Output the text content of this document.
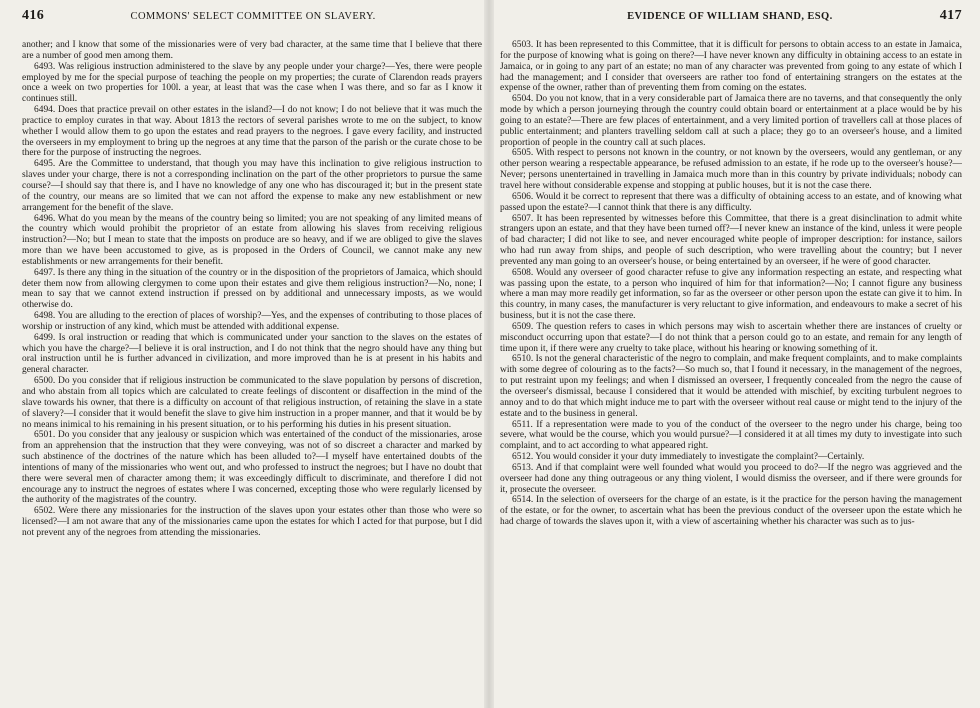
416	COMMONS' SELECT COMMITTEE ON SLAVERY.

another; and I know that some of the missionaries were of very bad character, at the same time that I believe that there are a number of good men among them.

6493. Was religious instruction administered to the slave by any people under your charge?—Yes, there were people employed by me for the special purpose of teaching the people on my properties; the curate of Clarendon reads prayers once a week on two properties for 100l. a year, at least that was the case when I was there, and so far as I know it continues still.

6494. Does that practice prevail on other estates in the island?—I do not know; I do not believe that it was much the practice to employ curates in that way. About 1813 the rectors of several parishes wrote to me on the subject, to know whether I would allow them to go upon the estates and read prayers to the negroes. I gave every facility, and instructed the overseers in my employment to bring up the negroes at any time that the parson of the parish or the curate chose to be there for the purpose of instructing the negroes.

6495. Are the Committee to understand, that though you may have this inclination to give religious instruction to slaves under your charge, there is not a corresponding inclination on the part of the other proprietors to pursue the same course?—I should say that there is, and I have no knowledge of any one who has discouraged it; but in the present state of the country, our means are so limited that we can not afford the expense to make any new establishment or new arrangement for the benefit of the slave.

6496. What do you mean by the means of the country being so limited; you are not speaking of any limited means of the country which would prohibit the proprietor of an estate from allowing his slaves from receiving religious instruction?—No; but I mean to state that the imposts on produce are so heavy, and if we are obliged to give the slaves more than we have been accustomed to give, as is proposed in the Orders of Council, we cannot make any new establishments or new arrangements for their benefit.

6497. Is there any thing in the situation of the country or in the disposition of the proprietors of Jamaica, which should deter them now from allowing clergymen to come upon their estates and give them religious instruction?—No, none; I mean to say that we cannot extend instruction if pressed on by additional and unnecessary imposts, as we would otherwise do.

6498. You are alluding to the erection of places of worship?—Yes, and the expenses of contributing to those places of worship or instruction of any kind, which must be attended with additional expense.

6499. Is oral instruction or reading that which is communicated under your sanction to the slaves on the estates of which you have the charge?—I believe it is oral instruction, and I do not think that the negro should have any thing but oral instruction until he is further advanced in civilization, and more improved than he is at present in his habits and general character.

6500. Do you consider that if religious instruction be communicated to the slave population by persons of discretion, and who abstain from all topics which are calculated to create feelings of discontent or disaffection in the mind of the slave towards his owner, that there is a difficulty on account of that religious instruction, of retaining the slave in a state of slavery?—I consider that it would benefit the slave to give him instruction in a proper manner, and that it would be by no means inimical to his remaining in his present situation, or to his performing his duties in his present situation.

6501. Do you consider that any jealousy or suspicion which was entertained of the conduct of the missionaries, arose from an apprehension that the instruction that they were conveying, was not of so discreet a character and marked by such abstinence of the doctrines of the nature which has been alluded to?—I myself have entertained doubts of the intentions of many of the missionaries who went out, and who professed to instruct the negroes; but I have no doubt that there were several men of character among them; it was exceedingly difficult to discriminate, and therefore I did not encourage any to instruct the negroes of estates where I was concerned, excepting those who were regularly licensed by the authority of the magistrates of the country.

6502. Were there any missionaries for the instruction of the slaves upon your estates other than those who were so licensed?—I am not aware that any of the missionaries came upon the estates for which I acted for that purpose, but I did not prevent any of the negroes from attending the missionaries.

EVIDENCE OF WILLIAM SHAND, ESQ.	417

6503. It has been represented to this Committee, that it is difficult for persons to obtain access to an estate in Jamaica, for the purpose of knowing what is going on there?—I have never known any difficulty in obtaining access to an estate in Jamaica, or in going to any part of an estate; no man of any character was prevented from going to any estate of which I had the management; and I consider that overseers are rather too fond of entertaining strangers on the estates at the expense of the owner, rather than of preventing them from coming on the estates.

6504. Do you not know, that in a very considerable part of Jamaica there are no taverns, and that consequently the only mode by which a person journeying through the country could obtain board or entertainment at a place would be by his going to an estate?—There are few places of entertainment, and a very limited portion of travellers call at those places of public entertainment; and planters travelling seldom call at such a place; they go to an overseer's house, and a limited proportion of people in the country call at such places.

6505. With respect to persons not known in the country, or not known by the overseers, would any gentleman, or any other person wearing a respectable appearance, be refused admission to an estate, if he rode up to the overseer's house?—Never; persons unentertained in travelling in Jamaica much more than in this country by private individuals; nobody can travel here without considerable expense and stopping at public houses, but it is not the case there.

6506. Would it be correct to represent that there was a difficulty of obtaining access to an estate, and of knowing what passed upon the estate?—I cannot think that there is any difficulty.

6507. It has been represented by witnesses before this Committee, that there is a great disinclination to admit white strangers upon an estate, and that they have been turned off?—I never knew an instance of the kind, unless it were people of bad character; I did not like to see, and never encouraged white people of improper description: for instance, sailors who had run away from ships, and people of such description, who were travelling about the country; but I never prevented any man going to an overseer's house, or being entertained by an overseer, if he were of good character.

6508. Would any overseer of good character refuse to give any information respecting an estate, and respecting what was passing upon the estate, to a person who inquired of him for that information?—No; I cannot figure any business where a man may more readily get information, so far as the overseer or other person upon the estate can give it to him. In this country, in many cases, the manufacturer is very reluctant to give information, and endeavours to make a secret of his business, but it is not the case there.

6509. The question refers to cases in which persons may wish to ascertain whether there are instances of cruelty or misconduct occurring upon that estate?—I do not think that a person could go to an estate, and remain for any length of time upon it, if there were any cruelty to take place, without his hearing or knowing something of it.

6510. Is not the general characteristic of the negro to complain, and make frequent complaints, and to make complaints with some degree of colouring as to the facts?—So much so, that I found it necessary, in the management of the negroes, to put restraint upon my feelings; and when I dismissed an overseer, I frequently concealed from the negro the cause of the overseer's dismissal, because I considered that it would be attended with mischief, by exciting turbulent negroes to annoy and to do that which might induce me to part with the overseer without real cause or might tend to the injury of the estate and to the business in general.

6511. If a representation were made to you of the conduct of the overseer to the negro under his charge, being too severe, what would be the course, which you would pursue?—I considered it at all times my duty to investigate into such complaint, and to act according to what appeared right.

6512. You would consider it your duty immediately to investigate the complaint?—Certainly.

6513. And if that complaint were well founded what would you proceed to do?—If the negro was aggrieved and the overseer had done any thing outrageous or any thing violent, I would dismiss the overseer, and if there were grounds for it, prosecute the overseer.

6514. In the selection of overseers for the charge of an estate, is it the practice for the person having the management of the estate, or for the owner, to ascertain what has been the previous conduct of the overseer upon the estate which he had charge of towards the slaves upon it, with a view of ascertaining whether his character was such as to jus-
